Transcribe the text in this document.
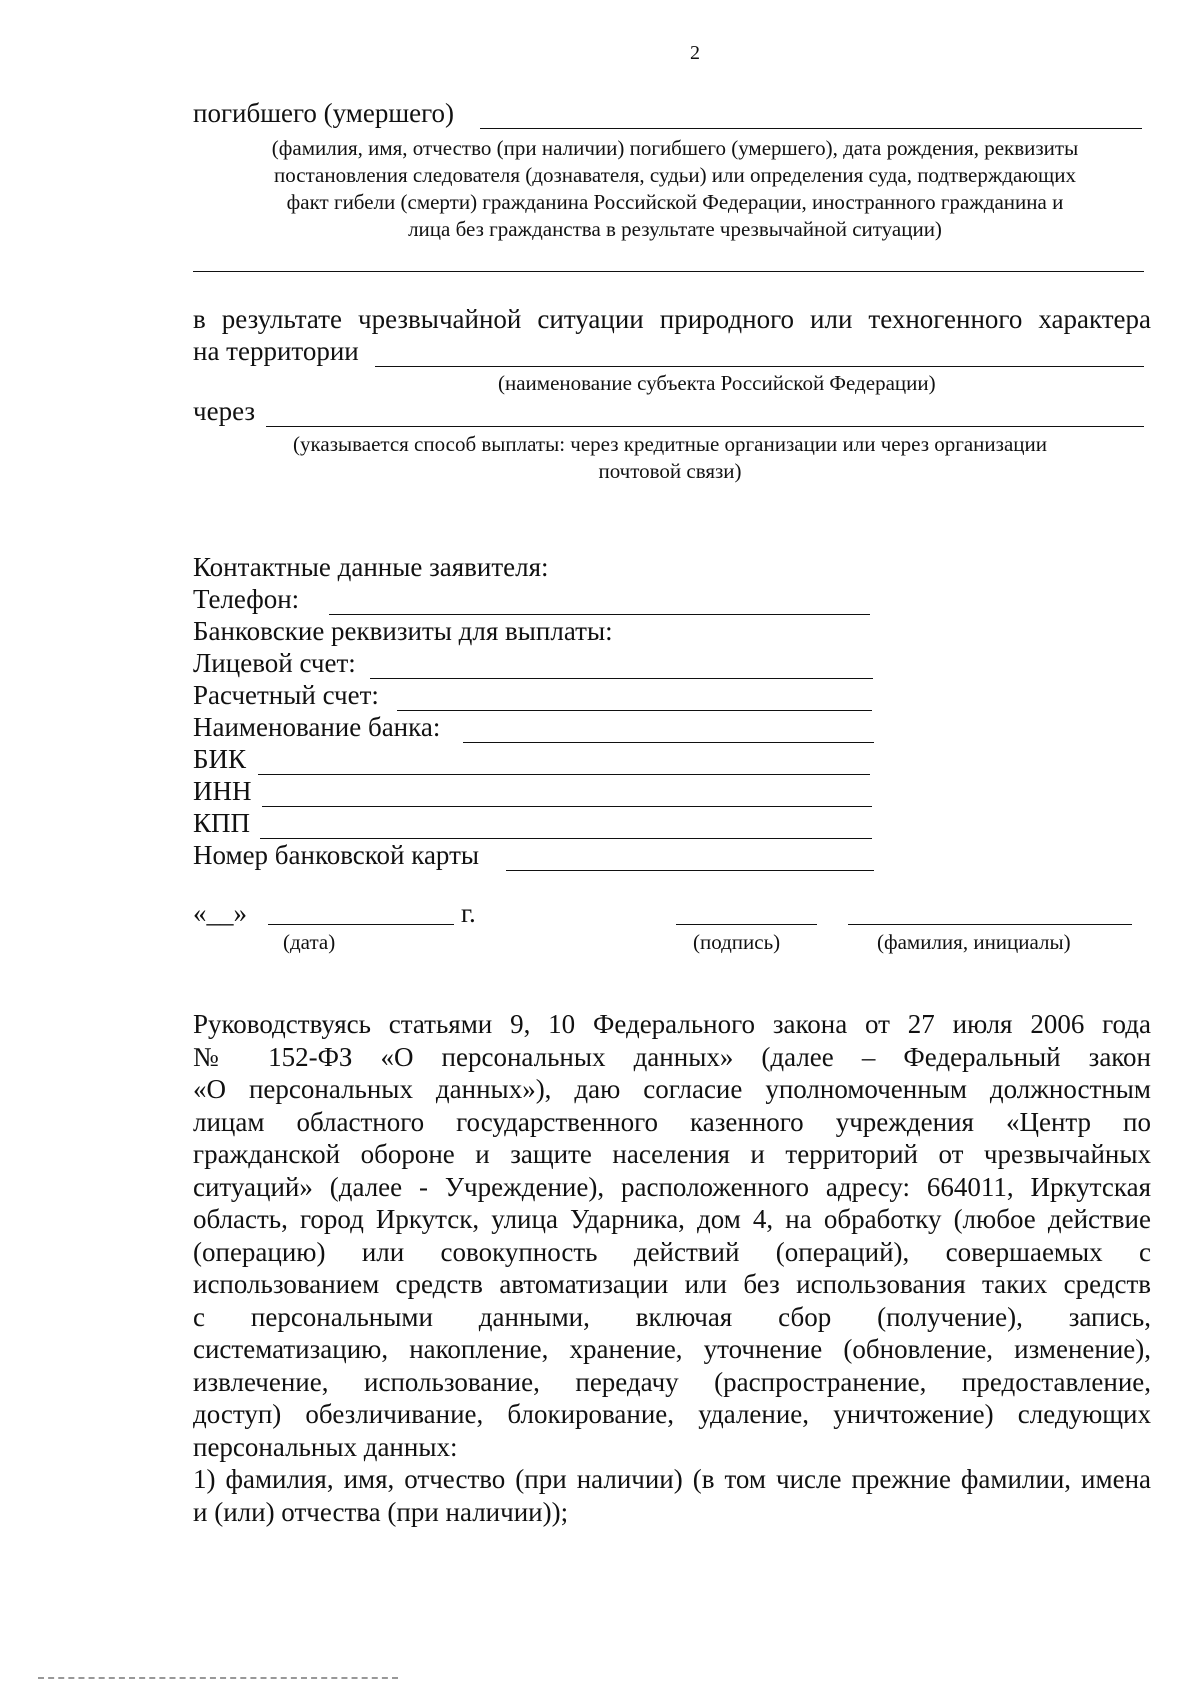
2
погибшего (умершего)
(фамилия, имя, отчество (при наличии) погибшего (умершего), дата рождения, реквизиты
постановления следователя (дознавателя, судьи) или определения суда, подтверждающих
факт гибели (смерти) гражданина Российской Федерации, иностранного гражданина и
лица без гражданства в результате чрезвычайной ситуации)
в результате чрезвычайной ситуации природного или техногенного характера
на территории
(наименование субъекта Российской Федерации)
через
(указывается способ выплаты: через кредитные организации или через организации
почтовой связи)
Контактные данные заявителя:
Телефон:
Банковские реквизиты для выплаты:
Лицевой счет:
Расчетный счет:
Наименование банка:
БИК
ИНН
КПП
Номер банковской карты
«__»	г.
(дата)	(подпись)	(фамилия, инициалы)
Руководствуясь статьями 9, 10 Федерального закона от 27 июля 2006 года
№ 152-ФЗ «О персональных данных» (далее – Федеральный закон
«О персональных данных»), даю согласие уполномоченным должностным
лицам областного государственного казенного учреждения «Центр по
гражданской обороне и защите населения и территорий от чрезвычайных
ситуаций» (далее - Учреждение), расположенного адресу: 664011, Иркутская
область, город Иркутск, улица Ударника, дом 4, на обработку (любое действие
(операцию) или совокупность действий (операций), совершаемых с
использованием средств автоматизации или без использования таких средств
с персональными данными, включая сбор (получение), запись,
систематизацию, накопление, хранение, уточнение (обновление, изменение),
извлечение, использование, передачу (распространение, предоставление,
доступ) обезличивание, блокирование, удаление, уничтожение) следующих
персональных данных:
1) фамилия, имя, отчество (при наличии) (в том числе прежние фамилии, имена
и (или) отчества (при наличии));
